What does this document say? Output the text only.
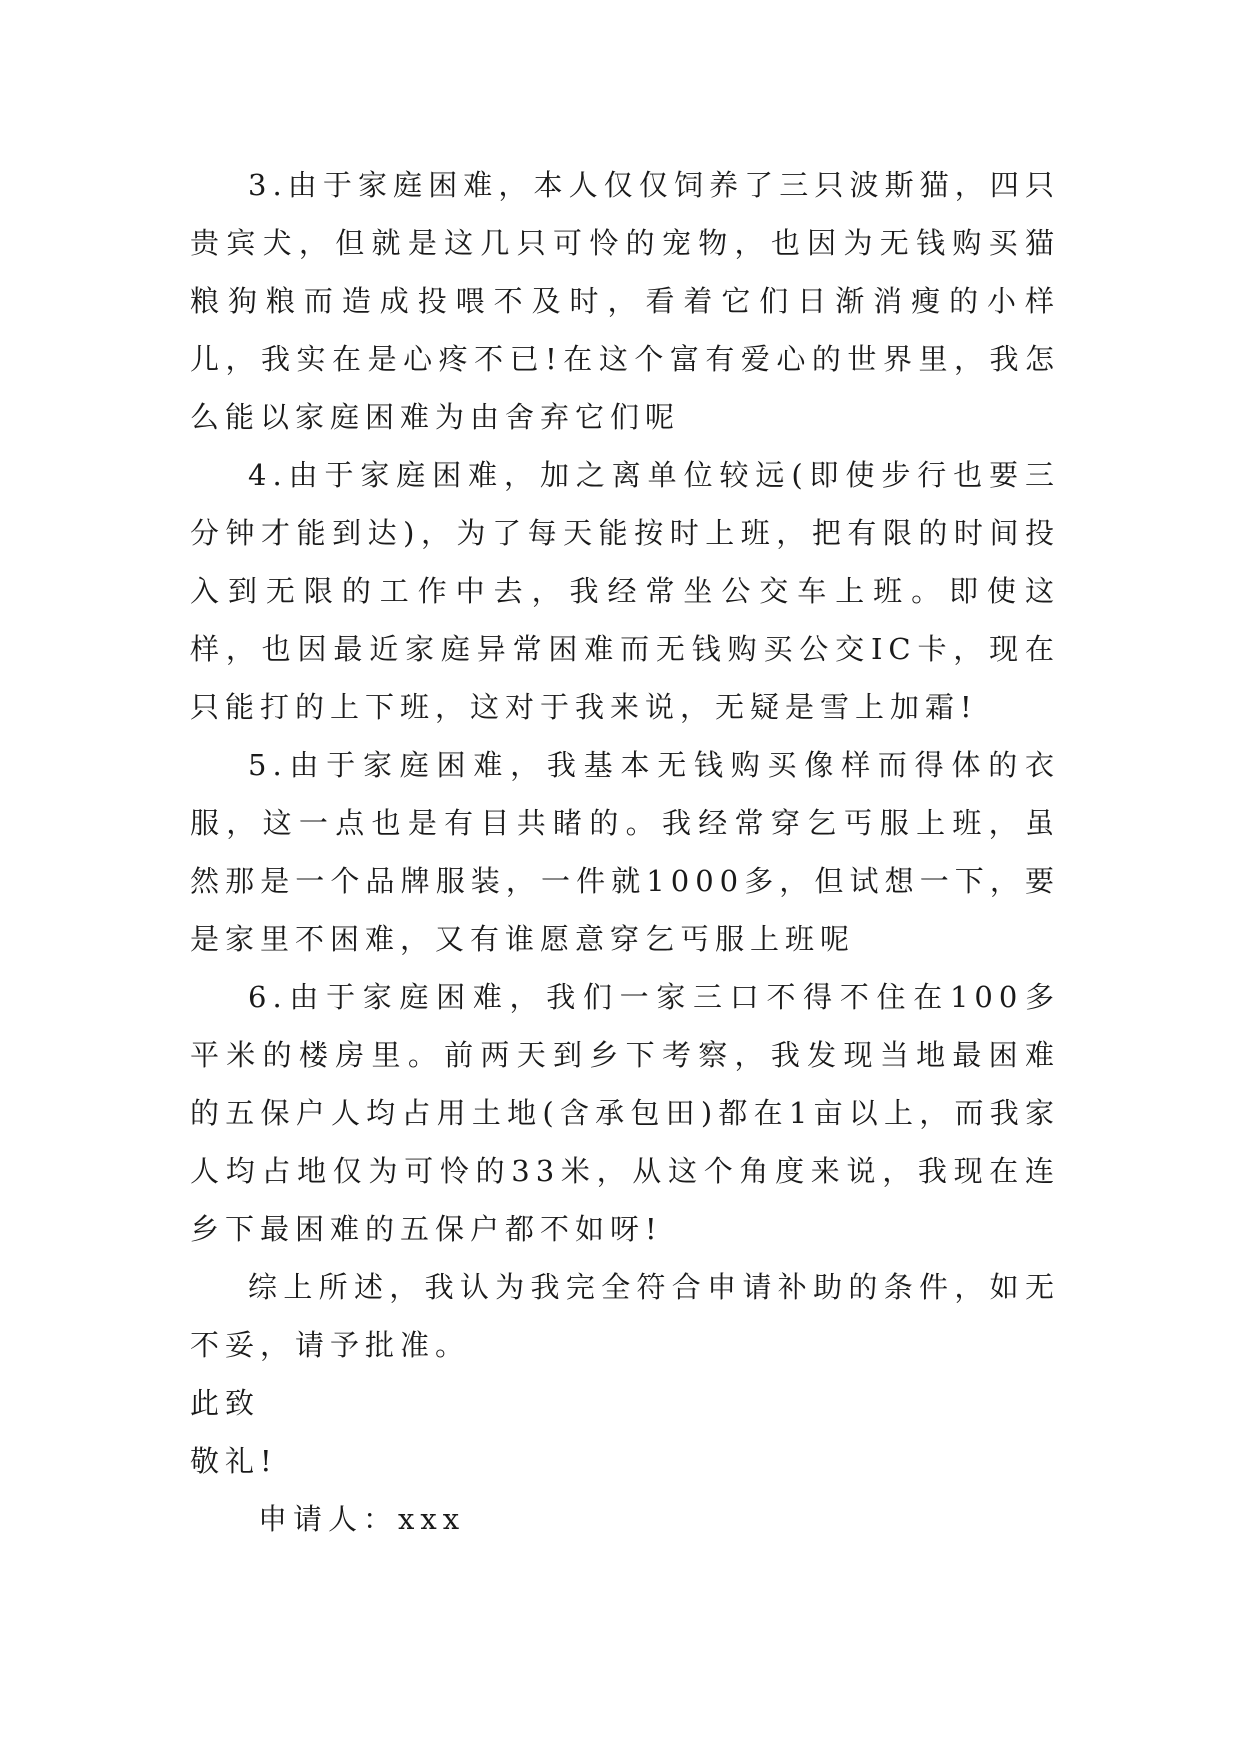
3.由于家庭困难，本人仅仅饲养了三只波斯猫，四只贵宾犬，但就是这几只可怜的宠物，也因为无钱购买猫粮狗粮而造成投喂不及时，看着它们日渐消瘦的小样儿，我实在是心疼不已!在这个富有爱心的世界里，我怎么能以家庭困难为由舍弃它们呢

4.由于家庭困难，加之离单位较远(即使步行也要三分钟才能到达)，为了每天能按时上班，把有限的时间投入到无限的工作中去，我经常坐公交车上班。即使这样，也因最近家庭异常困难而无钱购买公交IC卡，现在只能打的上下班，这对于我来说，无疑是雪上加霜!

5.由于家庭困难，我基本无钱购买像样而得体的衣服，这一点也是有目共睹的。我经常穿乞丐服上班，虽然那是一个品牌服装，一件就1000多，但试想一下，要是家里不困难，又有谁愿意穿乞丐服上班呢

6.由于家庭困难，我们一家三口不得不住在100多平米的楼房里。前两天到乡下考察，我发现当地最困难的五保户人均占用土地(含承包田)都在1亩以上，而我家人均占地仅为可怜的33米，从这个角度来说，我现在连乡下最困难的五保户都不如呀!

综上所述，我认为我完全符合申请补助的条件，如无不妥，请予批准。

此致

敬礼!

申请人：xxx
